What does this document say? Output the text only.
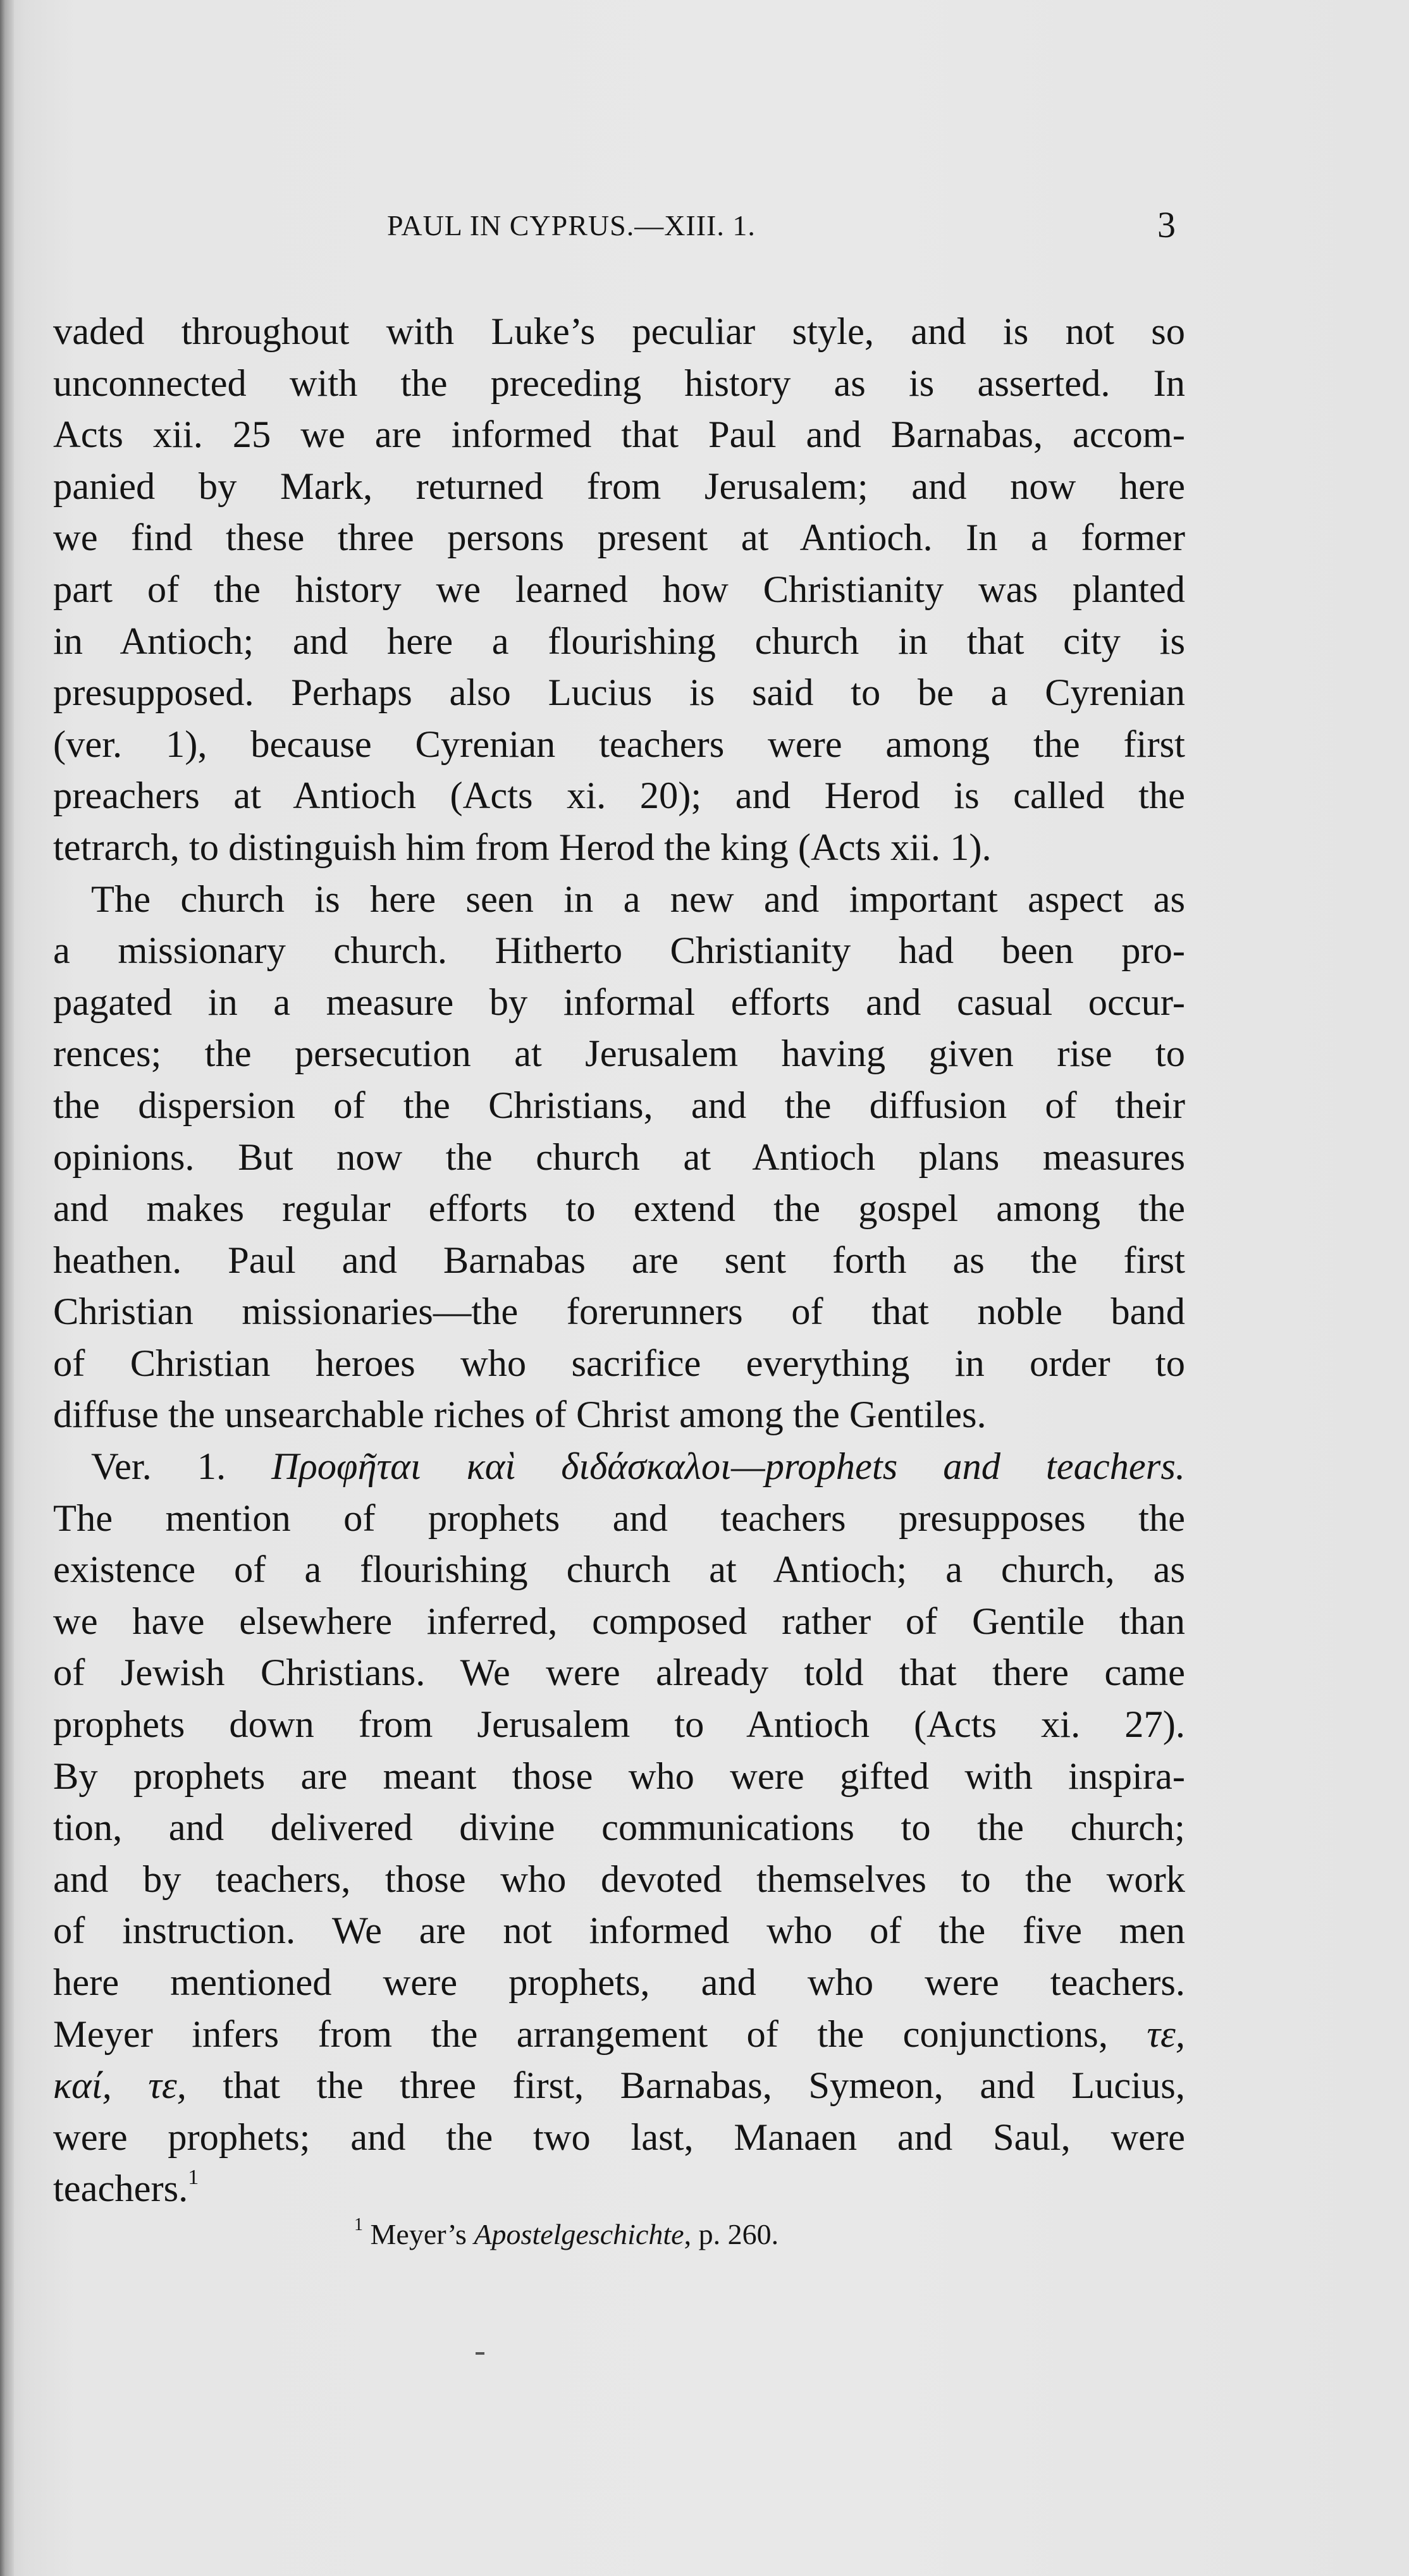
PAUL IN CYPRUS.—XIII. 1.	3
vaded throughout with Luke’s peculiar style, and is not so
unconnected with the preceding history as is asserted. In
Acts xii. 25 we are informed that Paul and Barnabas, accom-
panied by Mark, returned from Jerusalem; and now here
we find these three persons present at Antioch. In a former
part of the history we learned how Christianity was planted
in Antioch; and here a flourishing church in that city is
presupposed. Perhaps also Lucius is said to be a Cyrenian
(ver. 1), because Cyrenian teachers were among the first
preachers at Antioch (Acts xi. 20); and Herod is called the
tetrarch, to distinguish him from Herod the king (Acts xii. 1).
The church is here seen in a new and important aspect as
a missionary church. Hitherto Christianity had been pro-
pagated in a measure by informal efforts and casual occur-
rences; the persecution at Jerusalem having given rise to
the dispersion of the Christians, and the diffusion of their
opinions. But now the church at Antioch plans measures
and makes regular efforts to extend the gospel among the
heathen. Paul and Barnabas are sent forth as the first
Christian missionaries—the forerunners of that noble band
of Christian heroes who sacrifice everything in order to
diffuse the unsearchable riches of Christ among the Gentiles.
Ver. 1. Προφῆται καὶ διδάσκαλοι—prophets and teachers.
The mention of prophets and teachers presupposes the
existence of a flourishing church at Antioch; a church, as
we have elsewhere inferred, composed rather of Gentile than
of Jewish Christians. We were already told that there came
prophets down from Jerusalem to Antioch (Acts xi. 27).
By prophets are meant those who were gifted with inspira-
tion, and delivered divine communications to the church;
and by teachers, those who devoted themselves to the work
of instruction. We are not informed who of the five men
here mentioned were prophets, and who were teachers.
Meyer infers from the arrangement of the conjunctions, τε,
καί, τε, that the three first, Barnabas, Symeon, and Lucius,
were prophets; and the two last, Manaen and Saul, were
teachers.$^1$
$^1$ Meyer’s Apostelgeschichte, p. 260.
